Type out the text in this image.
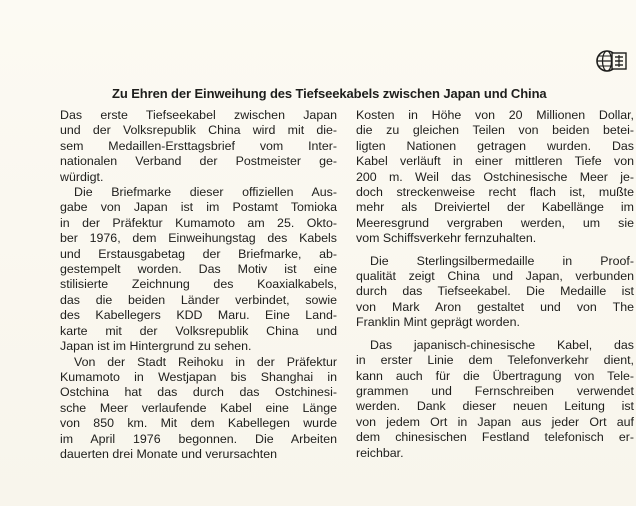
Zu Ehren der Einweihung des Tiefseekabels zwischen Japan und China

Das erste Tiefseekabel zwischen Japan
und der Volksrepublik China wird mit die-
sem Medaillen-Ersttagsbrief vom Inter-
nationalen Verband der Postmeister ge-
würdigt.

Die Briefmarke dieser offiziellen Aus-
gabe von Japan ist im Postamt Tomioka
in der Präfektur Kumamoto am 25. Okto-
ber 1976, dem Einweihungstag des Kabels
und Erstausgabetag der Briefmarke, ab-
gestempelt worden. Das Motiv ist eine
stilisierte Zeichnung des Koaxialkabels,
das die beiden Länder verbindet, sowie
des Kabellegers KDD Maru. Eine Land-
karte mit der Volksrepublik China und
Japan ist im Hintergrund zu sehen.

Von der Stadt Reihoku in der Präfektur
Kumamoto in Westjapan bis Shanghai in
Ostchina hat das durch das Ostchinesi-
sche Meer verlaufende Kabel eine Länge
von 850 km. Mit dem Kabellegen wurde
im April 1976 begonnen. Die Arbeiten
dauerten drei Monate und verursachten

Kosten in Höhe von 20 Millionen Dollar,
die zu gleichen Teilen von beiden betei-
ligten Nationen getragen wurden. Das
Kabel verläuft in einer mittleren Tiefe von
200 m. Weil das Ostchinesische Meer je-
doch streckenweise recht flach ist, mußte
mehr als Dreiviertel der Kabellänge im
Meeresgrund vergraben werden, um sie
vom Schiffsverkehr fernzuhalten.

Die Sterlingsilbermedaille in Proof-
qualität zeigt China und Japan, verbunden
durch das Tiefseekabel. Die Medaille ist
von Mark Aron gestaltet und von The
Franklin Mint geprägt worden.

Das japanisch-chinesische Kabel, das
in erster Linie dem Telefonverkehr dient,
kann auch für die Übertragung von Tele-
grammen und Fernschreiben verwendet
werden. Dank dieser neuen Leitung ist
von jedem Ort in Japan aus jeder Ort auf
dem chinesischen Festland telefonisch er-
reichbar.
